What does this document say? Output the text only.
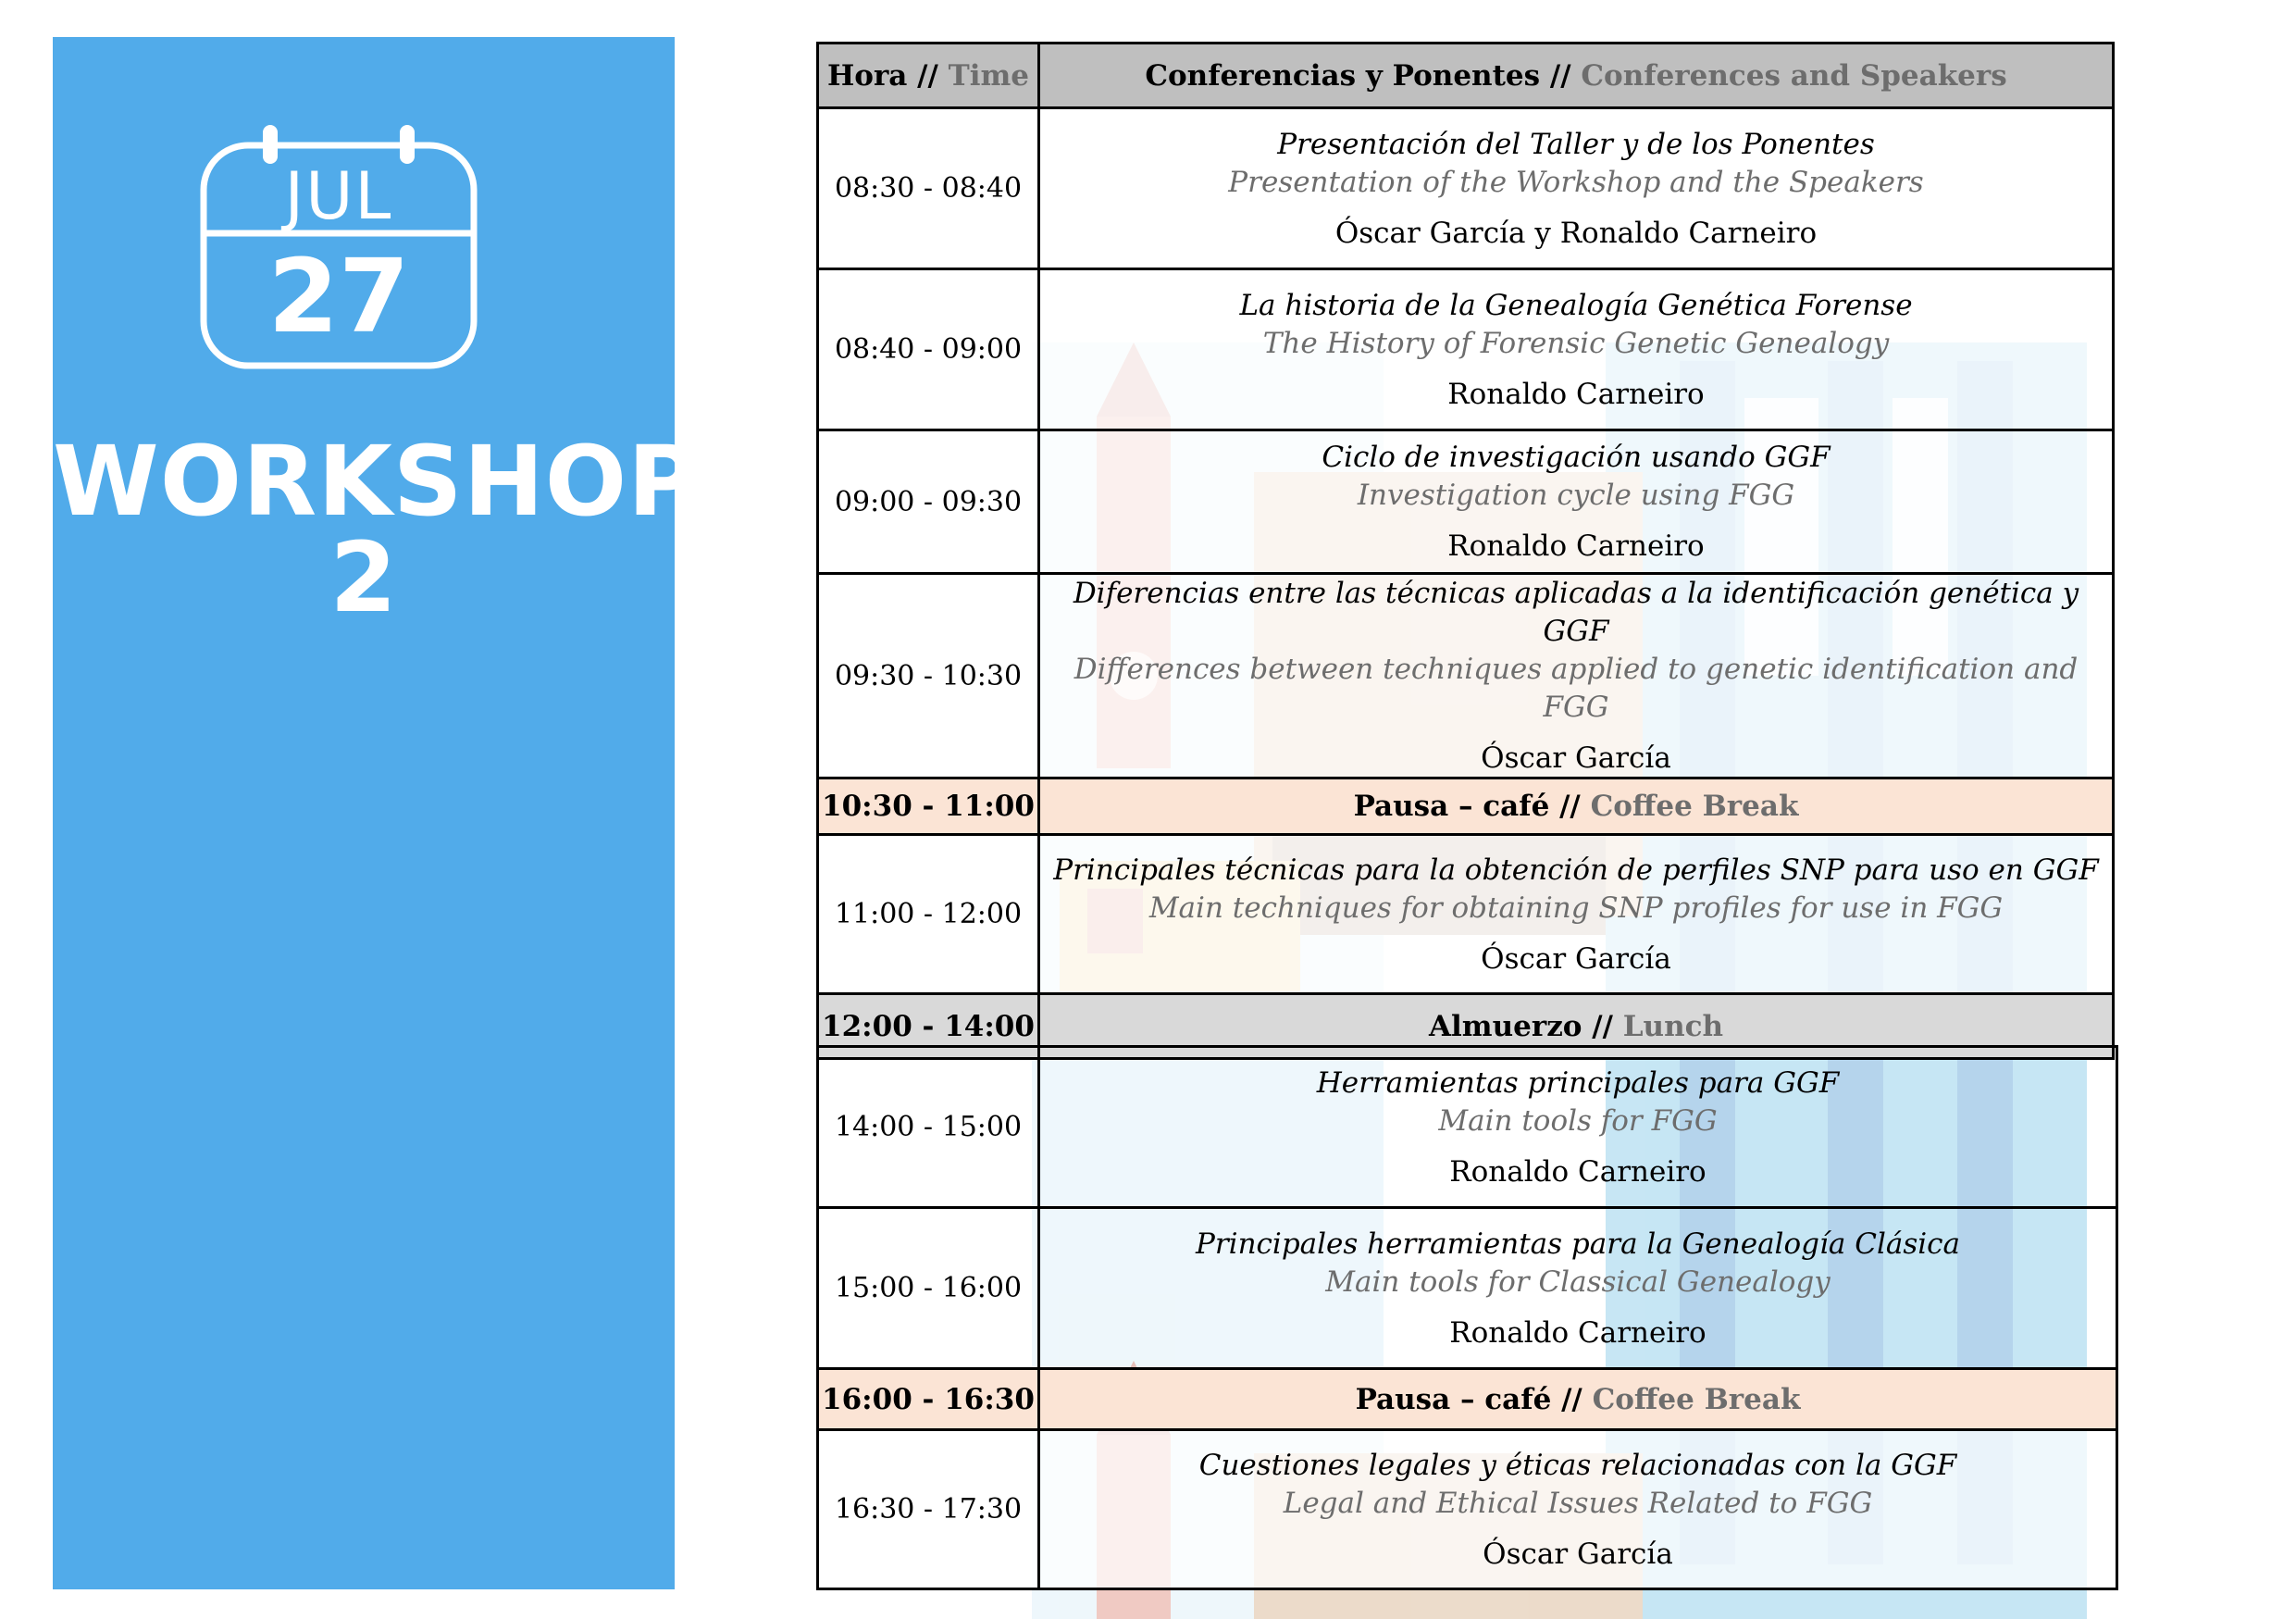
JUL
27
WORKSHOP 2
Hora // Time	Conferencias y Ponentes // Conferences and Speakers
08:30 - 08:40	Presentación del Taller y de los Ponentes
Presentation of the Workshop and the Speakers
Óscar García y Ronaldo Carneiro

08:40 - 09:00	La historia de la Genealogía Genética Forense
The History of Forensic Genetic Genealogy
Ronaldo Carneiro

09:00 - 09:30	Ciclo de investigación usando GGF
Investigation cycle using FGG
Ronaldo Carneiro

09:30 - 10:30	Diferencias entre las técnicas aplicadas a la identificación genética y GGF
Differences between techniques applied to genetic identification and FGG
Óscar García

10:30 - 11:00	Pausa – café // Coffee Break
11:00 - 12:00	Principales técnicas para la obtención de perfiles SNP para uso en GGF
Main techniques for obtaining SNP profiles for use in FGG
Óscar García

12:00 - 14:00	Almuerzo // Lunch
14:00 - 15:00	Herramientas principales para GGF
Main tools for FGG
Ronaldo Carneiro

15:00 - 16:00	Principales herramientas para la Genealogía Clásica
Main tools for Classical Genealogy
Ronaldo Carneiro

16:00 - 16:30	Pausa – café // Coffee Break
16:30 - 17:30	Cuestiones legales y éticas relacionadas con la GGF
Legal and Ethical Issues Related to FGG
Óscar García
